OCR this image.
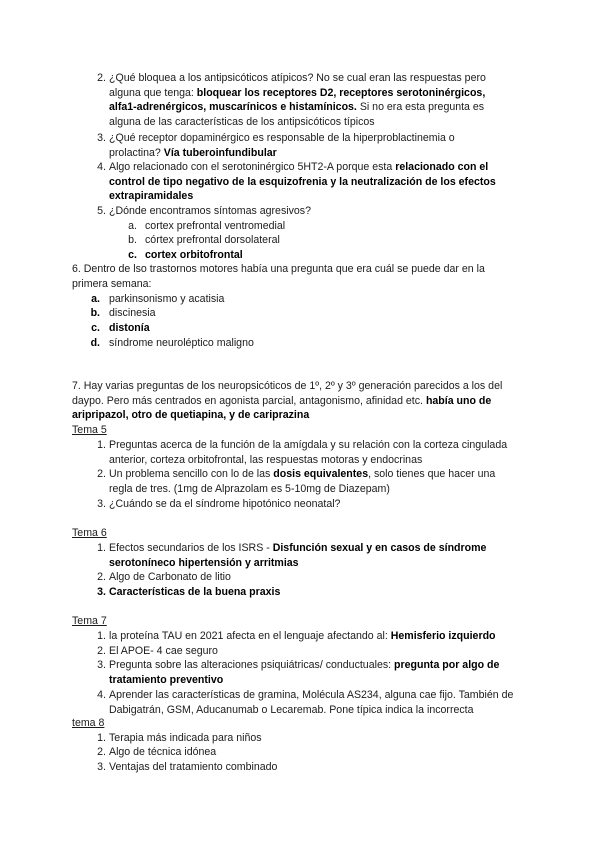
2. ¿Qué bloquea a los antipsicóticos atípicos? No se cual eran las respuestas pero alguna que tenga: bloquear los receptores D2, receptores serotoninérgicos, alfa1-adrenérgicos, muscarínicos e histamínicos. Si no era esta pregunta es alguna de las características de los antipsicóticos típicos
3. ¿Qué receptor dopaminérgico es responsable de la hiperproblactinemia o prolactina? Vía tuberoinfundibular
4. Algo relacionado con el serotoninérgico 5HT2-A porque esta relacionado con el control de tipo negativo de la esquizofrenia y la neutralización de los efectos extrapiramidales
5. ¿Dónde encontramos síntomas agresivos?
a. cortex prefrontal ventromedial
b. córtex prefrontal dorsolateral
c. cortex orbitofrontal
6. Dentro de lso trastornos motores había una pregunta que era cuál se puede dar en la primera semana:
a. parkinsonismo y acatisia
b. discinesia
c. distonía
d. síndrome neuroléptico maligno
7. Hay varias preguntas de los neuropsicóticos de 1º, 2º y 3º generación parecidos a los del daypo. Pero más centrados en agonista parcial, antagonismo, afinidad etc. había uno de aripripazol, otro de quetiapina, y de cariprazina
Tema 5
1. Preguntas acerca de la función de la amígdala y su relación con la corteza cingulada anterior, corteza orbitofrontal, las respuestas motoras y endocrinas
2. Un problema sencillo con lo de las dosis equivalentes, solo tienes que hacer una regla de tres. (1mg de Alprazolam es 5-10mg de Diazepam)
3. ¿Cuándo se da el síndrome hipotónico neonatal?
Tema 6
1. Efectos secundarios de los ISRS - Disfunción sexual y en casos de síndrome serotoníneco hipertensión y arritmias
2. Algo de Carbonato de litio
3. Características de la buena praxis
Tema 7
1. la proteína TAU en 2021 afecta en el lenguaje afectando al: Hemisferio izquierdo
2. El APOE- 4 cae seguro
3. Pregunta sobre las alteraciones psiquiátricas/ conductuales: pregunta por algo de tratamiento preventivo
4. Aprender las características de gramina, Molécula AS234, alguna cae fijo. También de Dabigatrán, GSM, Aducanumab o Lecaremab. Pone típica indica la incorrecta
tema 8
1. Terapia más indicada para niños
2. Algo de técnica idónea
3. Ventajas del tratamiento combinado
